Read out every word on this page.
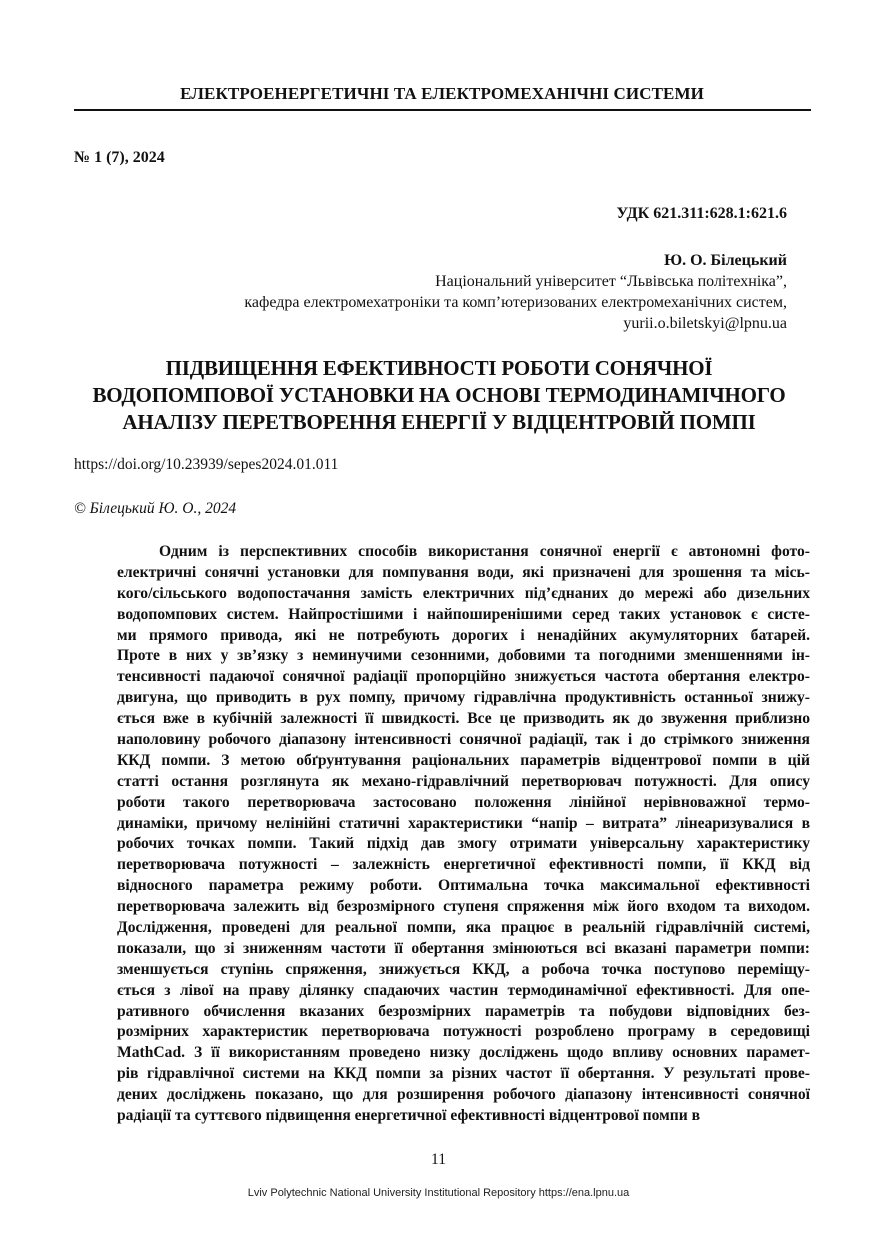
ЕЛЕКТРОЕНЕРГЕТИЧНІ ТА ЕЛЕКТРОМЕХАНІЧНІ СИСТЕМИ
№ 1 (7), 2024
УДК 621.311:628.1:621.6
Ю. О. Білецький
Національний університет “Львівська політехніка”,
кафедра електромехатроніки та комп’ютеризованих електромеханічних систем,
yurii.o.biletskyi@lpnu.ua
ПІДВИЩЕННЯ ЕФЕКТИВНОСТІ РОБОТИ СОНЯЧНОЇ
ВОДОПОМПОВОЇ УСТАНОВКИ НА ОСНОВІ ТЕРМОДИНАМІЧНОГО
АНАЛІЗУ ПЕРЕТВОРЕННЯ ЕНЕРГІЇ У ВІДЦЕНТРОВІЙ ПОМПІ
https://doi.org/10.23939/sepes2024.01.011
© Білецький Ю. О., 2024
Одним із перспективних способів використання сонячної енергії є автономні фото-
електричні сонячні установки для помпування води, які призначені для зрошення та місь-
кого/сільського водопостачання замість електричних під’єднаних до мережі або дизельних
водопомпових систем. Найпростішими і найпоширенішими серед таких установок є систе-
ми прямого привода, які не потребують дорогих і ненадійних акумуляторних батарей.
Проте в них у зв’язку з неминучими сезонними, добовими та погодними зменшеннями ін-
тенсивності падаючої сонячної радіації пропорційно знижується частота обертання електро-
двигуна, що приводить в рух помпу, причому гідравлічна продуктивність останньої знижу-
ється вже в кубічній залежності її швидкості. Все це призводить як до звуження приблизно
наполовину робочого діапазону інтенсивності сонячної радіації, так і до стрімкого зниження
ККД помпи. З метою обґрунтування раціональних параметрів відцентрової помпи в цій
статті остання розглянута як механо-гідравлічний перетворювач потужності. Для опису
роботи такого перетворювача застосовано положення лінійної нерівноважної термо-
динаміки, причому нелінійні статичні характеристики “напір – витрата” лінеаризувалися в
робочих точках помпи. Такий підхід дав змогу отримати універсальну характеристику
перетворювача потужності – залежність енергетичної ефективності помпи, її ККД від
відносного параметра режиму роботи. Оптимальна точка максимальної ефективності
перетворювача залежить від безрозмірного ступеня спряження між його входом та виходом.
Дослідження, проведені для реальної помпи, яка працює в реальній гідравлічній системі,
показали, що зі зниженням частоти її обертання змінюються всі вказані параметри помпи:
зменшується ступінь спряження, знижується ККД, а робоча точка поступово переміщу-
ється з лівої на праву ділянку спадаючих частин термодинамічної ефективності. Для опе-
ративного обчислення вказаних безрозмірних параметрів та побудови відповідних без-
розмірних характеристик перетворювача потужності розроблено програму в середовищі
MathCad. З її використанням проведено низку досліджень щодо впливу основних парамет-
рів гідравлічної системи на ККД помпи за різних частот її обертання. У результаті прове-
дених досліджень показано, що для розширення робочого діапазону інтенсивності сонячної
радіації та суттєвого підвищення енергетичної ефективності відцентрової помпи в
11
Lviv Polytechnic National University Institutional Repository https://ena.lpnu.ua
